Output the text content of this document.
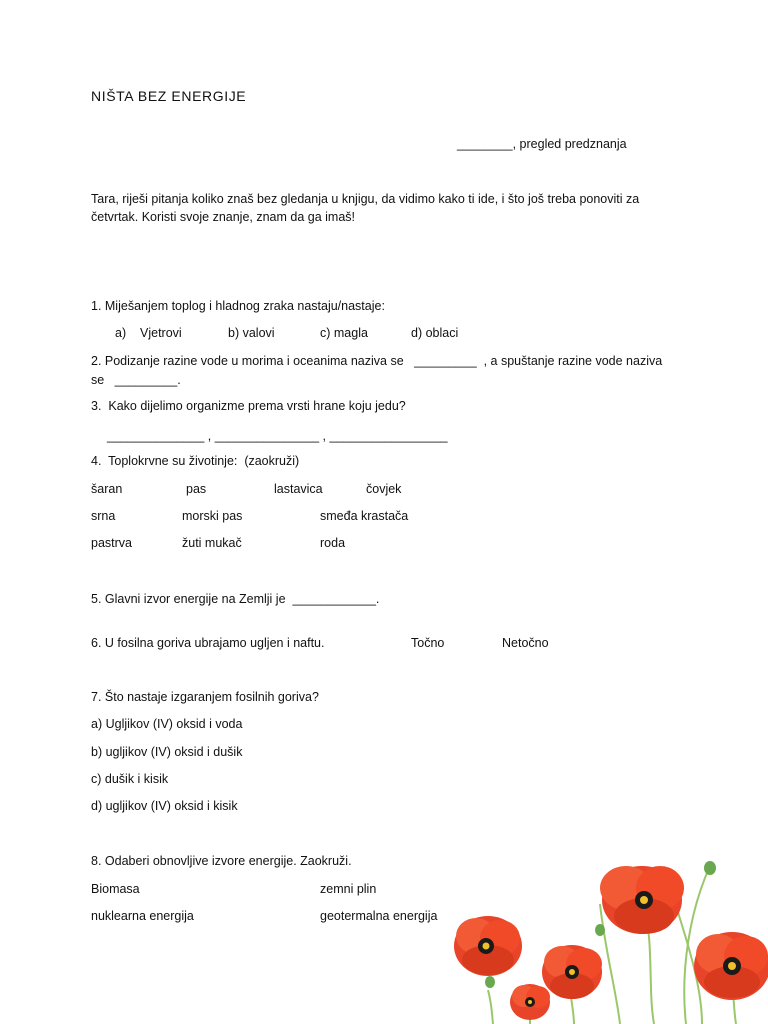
NIŠTA BEZ ENERGIJE
________, pregled predznanja
Tara, riješi pitanja koliko znaš bez gledanja u knjigu, da vidimo kako ti ide, i što još treba ponoviti za
četvrtak. Koristi svoje znanje, znam da ga imaš!
1. Miješanjem toplog i hladnog zraka nastaju/nastaje:
a)    Vjetrovi	b) valovi	c) magla	d) oblaci
2. Podizanje razine vode u morima i oceanima naziva se   _________  , a spuštanje razine vode naziva
se   _________.
3.  Kako dijelimo organizme prema vrsti hrane koju jedu?
______________ , _______________ , _________________
4.  Toplokrvne su životinje:  (zaokruži)
šaran	pas	lastavica	čovjek
srna	morski pas	smeđa krastača
pastrva	žuti mukač	roda
5. Glavni izvor energije na Zemlji je  ____________.
6. U fosilna goriva ubrajamo ugljen i naftu.	Točno	Netočno
7. Što nastaje izgaranjem fosilnih goriva?
a) Ugljikov (IV) oksid i voda
b) ugljikov (IV) oksid i dušik
c) dušik i kisik
d) ugljikov (IV) oksid i kisik
8. Odaberi obnovljive izvore energije. Zaokruži.
Biomasa	zemni plin
nuklearna energija	geotermalna energija
